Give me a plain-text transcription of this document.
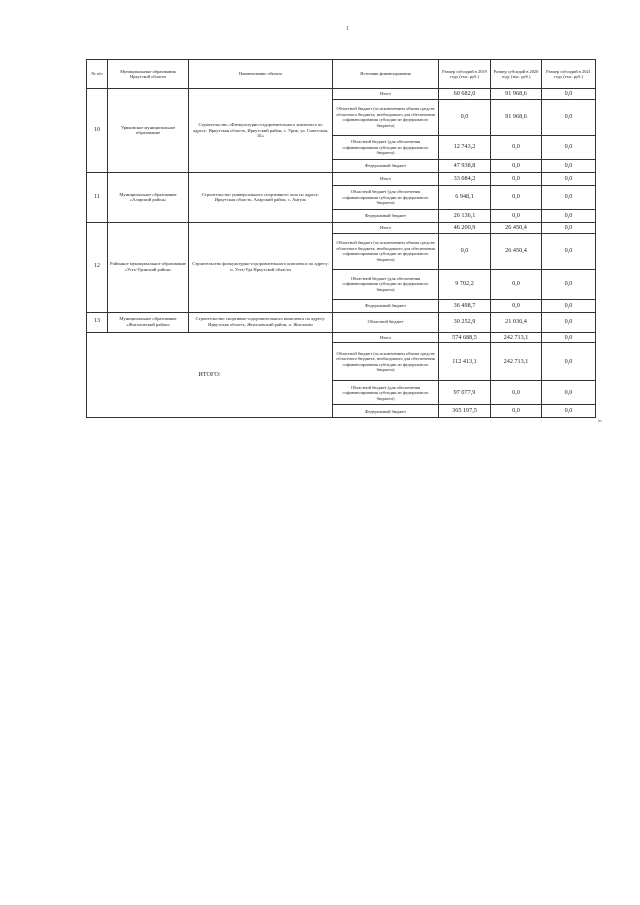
1
№ п/п	Муниципальные образования Иркутской области	Наименование объекта	Источник финансирования	Размер субсидий в 2019 году (тыс. руб.)	Размер субсидий в 2020 году (тыс. руб.)	Размер субсидий в 2021 году (тыс. руб.)
10	Уриковское муниципальное образование	Строительство «Физкультурно-оздоровительного комплекса по адресу: Иркутская область, Иркутский район, с. Урик, ул. Советская, 1Б»	Итого	60 682,0	91 968,6	0,0
			Областной бюджет (за исключением объема средств областного бюджета, необходимого для обеспечения софинансирования субсидии из федерального бюджета)	0,0	91 968,6	0,0
			Областной бюджет (для обеспечения софинансирования субсидии из федерального бюджета)	12 743,2	0,0	0,0
			Федеральный бюджет	47 938,8	0,0	0,0
11	Муниципальное образование «Аларский район»	Строительство универсального спортивного зала по адресу: Иркутская область, Аларский район, с. Ангуль	Итого	33 084,2	0,0	0,0
			Областной бюджет (для обеспечения софинансирования субсидии из федерального бюджета)	6 948,1	0,0	0,0
			Федеральный бюджет	26 136,1	0,0	0,0
12	Районное муниципальное образование «Усть-Удинский район»	Строительство физкультурно-оздоровительного комплекса по адресу: п. Усть-Уда Иркутской области	Итого	46 200,9	26 450,4	0,0
			Областной бюджет (за исключением объема средств областного бюджета, необходимого для обеспечения софинансирования субсидии из федерального бюджета)	0,0	26 450,4	0,0
			Областной бюджет (для обеспечения софинансирования субсидии из федерального бюджета)	9 702,2	0,0	0,0
			Федеральный бюджет	36 498,7	0,0	0,0
13	Муниципальное образование «Жигаловский район»	Строительство спортивно-оздоровительного комплекса по адресу: Иркутская область, Жигаловский район, п. Жигалово	Областной бюджет	30 252,9	21 036,4	0,0
ИТОГО:			Итого	574 688,5	242 713,1	0,0
			Областной бюджет (за исключением объема средств областного бюджета, необходимого для обеспечения софинансирования субсидии из федерального бюджета)	112 413,1	242 713,1	0,0
			Областной бюджет (для обеспечения софинансирования субсидии из федерального бюджета)	97 077,9	0,0	0,0
			Федеральный бюджет	365 197,5	0,0	0,0
».
